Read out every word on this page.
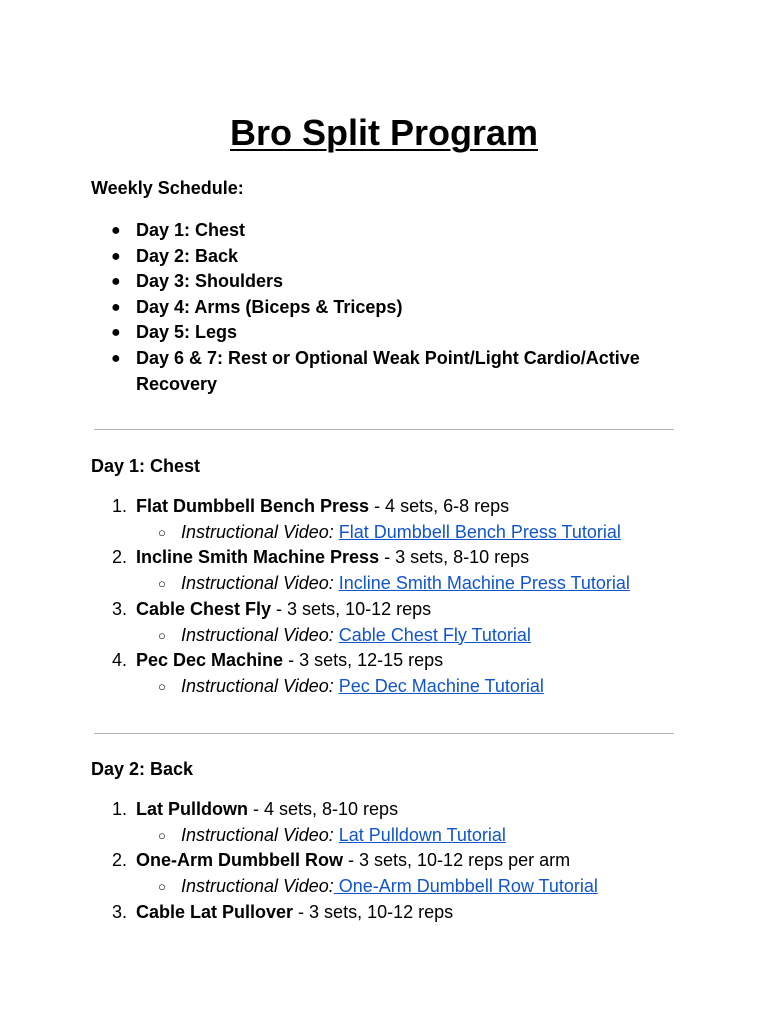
Bro Split Program

Weekly Schedule:

● Day 1: Chest
● Day 2: Back
● Day 3: Shoulders
● Day 4: Arms (Biceps & Triceps)
● Day 5: Legs
● Day 6 & 7: Rest or Optional Weak Point/Light Cardio/Active Recovery

Day 1: Chest

1. Flat Dumbbell Bench Press - 4 sets, 6-8 reps
○ Instructional Video: Flat Dumbbell Bench Press Tutorial
2. Incline Smith Machine Press - 3 sets, 8-10 reps
○ Instructional Video: Incline Smith Machine Press Tutorial
3. Cable Chest Fly - 3 sets, 10-12 reps
○ Instructional Video: Cable Chest Fly Tutorial
4. Pec Dec Machine - 3 sets, 12-15 reps
○ Instructional Video: Pec Dec Machine Tutorial

Day 2: Back

1. Lat Pulldown - 4 sets, 8-10 reps
○ Instructional Video: Lat Pulldown Tutorial
2. One-Arm Dumbbell Row - 3 sets, 10-12 reps per arm
○ Instructional Video: One-Arm Dumbbell Row Tutorial
3. Cable Lat Pullover - 3 sets, 10-12 reps
